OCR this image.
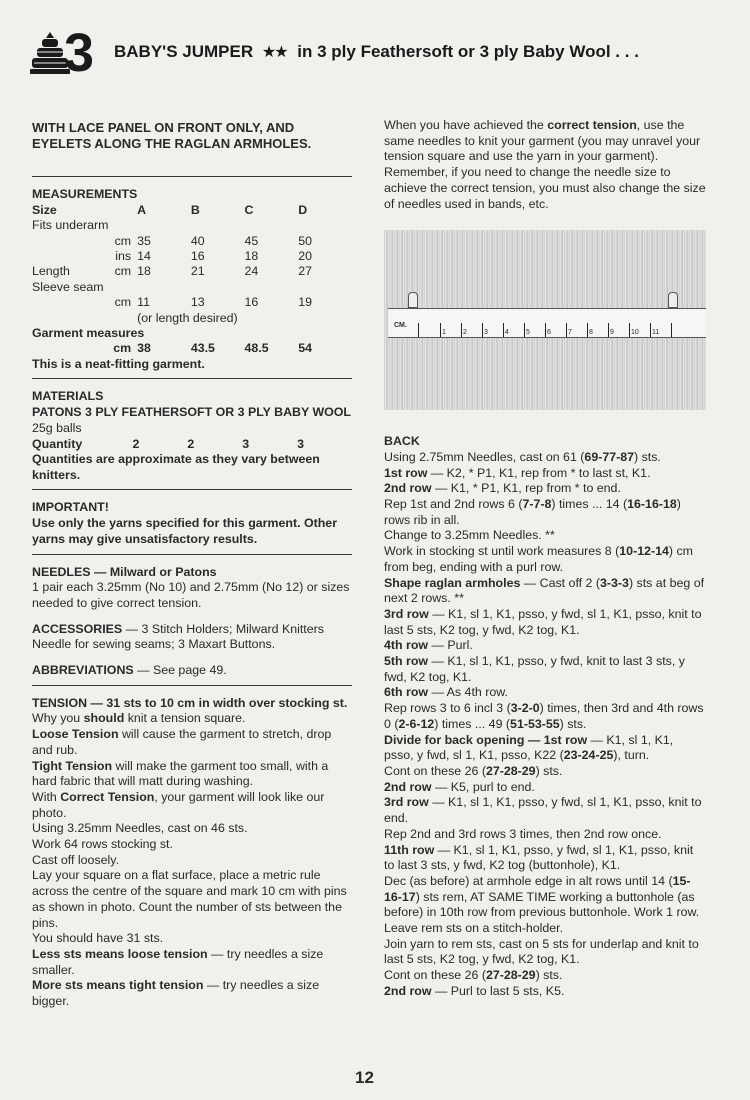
3 BABY'S JUMPER ★★ in 3 ply Feathersoft or 3 ply Baby Wool . . .

WITH LACE PANEL ON FRONT ONLY, AND EYELETS ALONG THE RAGLAN ARMHOLES.

MEASUREMENTS

Size		A	B	C	D
Fits underarm					
	cm	35	40	45	50
	ins	14	16	18	20
Length	cm	18	21	24	27
Sleeve seam					
	cm	11	13	16	19
		(or length desired)			
Garment measures					
	cm	38	43.5	48.5	54

This is a neat-fitting garment.

MATERIALS

PATONS 3 PLY FEATHERSOFT OR 3 PLY BABY WOOL 25g balls

Quantity	2	2	3	3

Quantities are approximate as they vary between knitters.

IMPORTANT!

Use only the yarns specified for this garment. Other yarns may give unsatisfactory results.

NEEDLES — Milward or Patons

1 pair each 3.25mm (No 10) and 2.75mm (No 12) or sizes needed to give correct tension.

ACCESSORIES — 3 Stitch Holders; Milward Knitters Needle for sewing seams; 3 Maxart Buttons.

ABBREVIATIONS — See page 49.

TENSION — 31 sts to 10 cm in width over stocking st.

Why you should knit a tension square.

Loose Tension will cause the garment to stretch, drop and rub.

Tight Tension will make the garment too small, with a hard fabric that will matt during washing.

With Correct Tension, your garment will look like our photo.

Using 3.25mm Needles, cast on 46 sts.

Work 64 rows stocking st.

Cast off loosely.

Lay your square on a flat surface, place a metric rule across the centre of the square and mark 10 cm with pins as shown in photo. Count the number of sts between the pins.

You should have 31 sts.

Less sts means loose tension — try needles a size smaller.

More sts means tight tension — try needles a size bigger.

When you have achieved the correct tension, use the same needles to knit your garment (you may unravel your tension square and use the yarn in your garment). Remember, if you need to change the needle size to achieve the correct tension, you must also change the size of needles used in bands, etc.

CM.
1 2 3 4 5 6 7 8 9 10 11

BACK

Using 2.75mm Needles, cast on 61 (69-77-87) sts.

1st row — K2, * P1, K1, rep from * to last st, K1.

2nd row — K1, * P1, K1, rep from * to end.

Rep 1st and 2nd rows 6 (7-7-8) times ... 14 (16-16-18) rows rib in all.

Change to 3.25mm Needles. **

Work in stocking st until work measures 8 (10-12-14) cm from beg, ending with a purl row.

Shape raglan armholes — Cast off 2 (3-3-3) sts at beg of next 2 rows. **

3rd row — K1, sl 1, K1, psso, y fwd, sl 1, K1, psso, knit to last 5 sts, K2 tog, y fwd, K2 tog, K1.

4th row — Purl.

5th row — K1, sl 1, K1, psso, y fwd, knit to last 3 sts, y fwd, K2 tog, K1.

6th row — As 4th row.

Rep rows 3 to 6 incl 3 (3-2-0) times, then 3rd and 4th rows 0 (2-6-12) times ... 49 (51-53-55) sts.

Divide for back opening — 1st row — K1, sl 1, K1, psso, y fwd, sl 1, K1, psso, K22 (23-24-25), turn.

Cont on these 26 (27-28-29) sts.

2nd row — K5, purl to end.

3rd row — K1, sl 1, K1, psso, y fwd, sl 1, K1, psso, knit to end.

Rep 2nd and 3rd rows 3 times, then 2nd row once.

11th row — K1, sl 1, K1, psso, y fwd, sl 1, K1, psso, knit to last 3 sts, y fwd, K2 tog (buttonhole), K1.

Dec (as before) at armhole edge in alt rows until 14 (15-16-17) sts rem, AT SAME TIME working a buttonhole (as before) in 10th row from previous buttonhole. Work 1 row.

Leave rem sts on a stitch-holder.

Join yarn to rem sts, cast on 5 sts for underlap and knit to last 5 sts, K2 tog, y fwd, K2 tog, K1.

Cont on these 26 (27-28-29) sts.

2nd row — Purl to last 5 sts, K5.

12
